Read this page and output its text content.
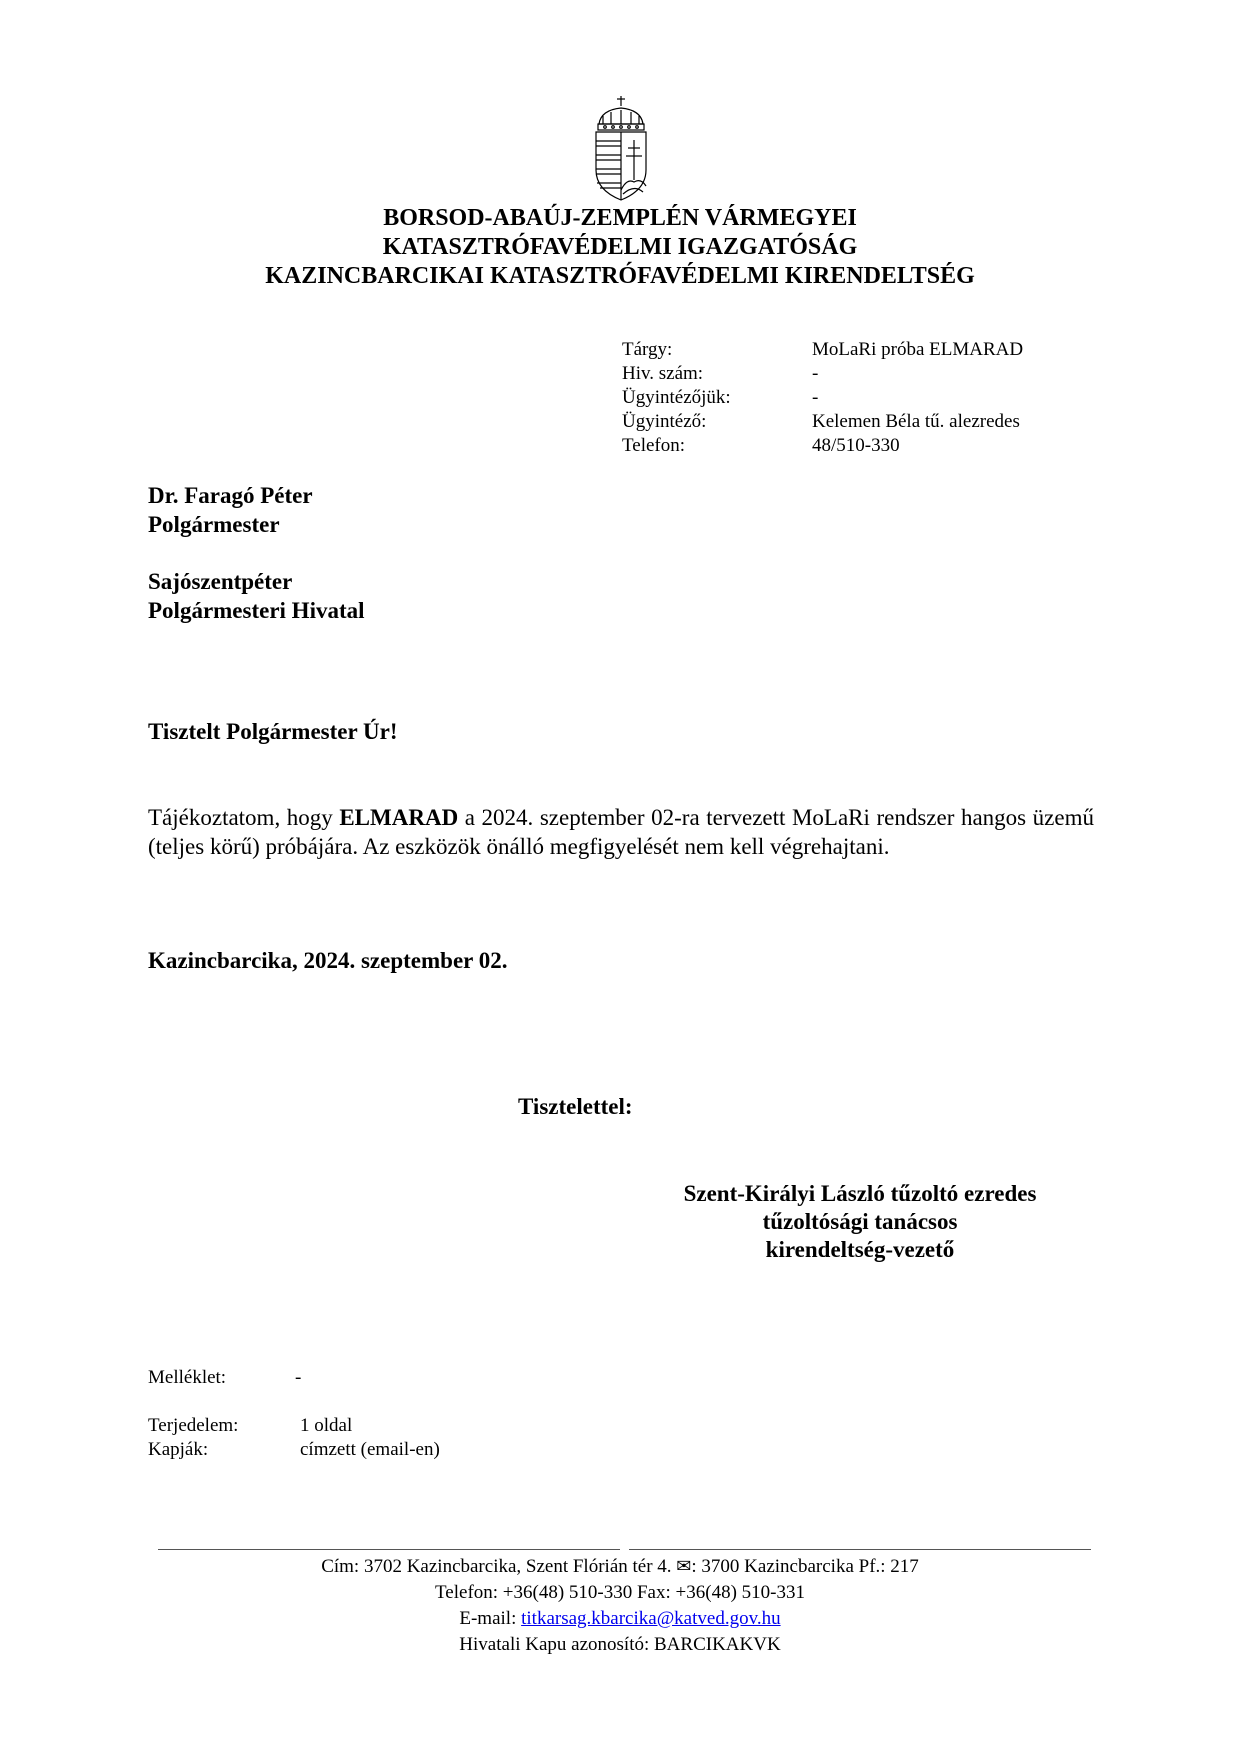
BORSOD-ABAÚJ-ZEMPLÉN VÁRMEGYEI
KATASZTRÓFAVÉDELMI IGAZGATÓSÁG
KAZINCBARCIKAI KATASZTRÓFAVÉDELMI KIRENDELTSÉG
Tárgy:	MoLaRi próba ELMARAD
Hiv. szám:	-
Ügyintézőjük:	-
Ügyintéző:	Kelemen Béla tű. alezredes
Telefon:	48/510-330
Dr. Faragó Péter
Polgármester
Sajószentpéter
Polgármesteri Hivatal
Tisztelt Polgármester Úr!
Tájékoztatom, hogy ELMARAD a 2024. szeptember 02-ra tervezett MoLaRi rendszer hangos üzemű (teljes körű) próbájára. Az eszközök önálló megfigyelését nem kell végrehajtani.
Kazincbarcika, 2024. szeptember 02.
Tisztelettel:
Szent-Királyi László tűzoltó ezredes
tűzoltósági tanácsos
kirendeltség-vezető
Melléklet:	-
Terjedelem:	1 oldal
Kapják:	címzett (email-en)
Cím: 3702 Kazincbarcika, Szent Flórián tér 4. ✉: 3700 Kazincbarcika Pf.: 217
Telefon: +36(48) 510-330 Fax: +36(48) 510-331
E-mail: titkarsag.kbarcika@katved.gov.hu
Hivatali Kapu azonosító: BARCIKAKVK
